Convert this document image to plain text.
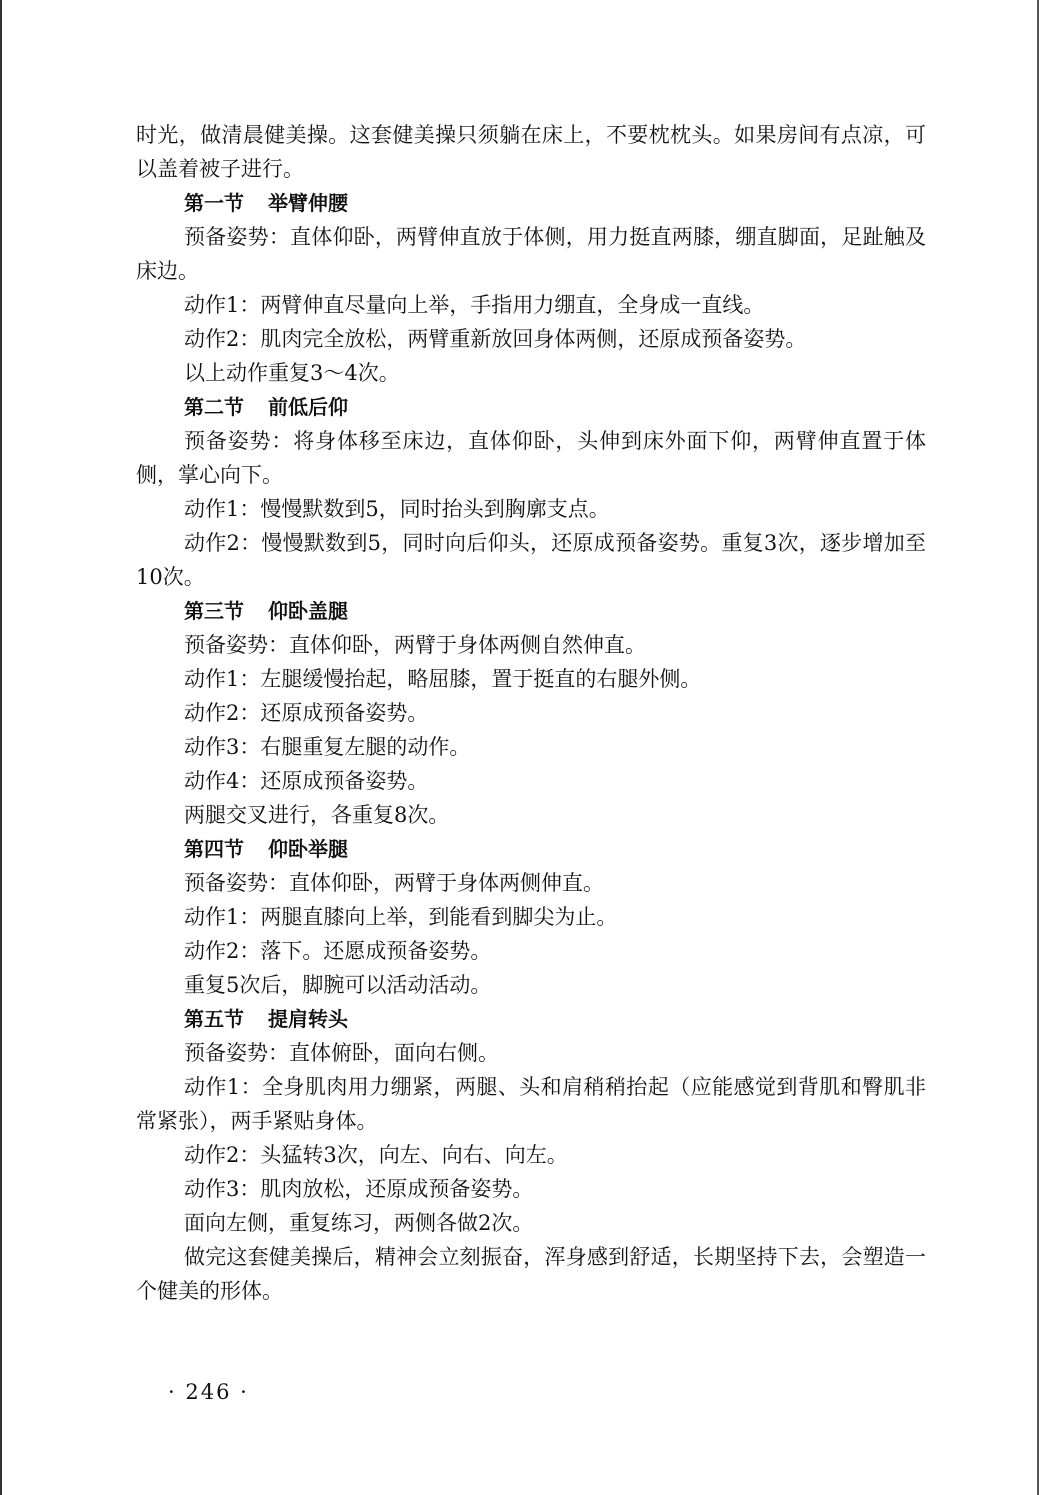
时光，做清晨健美操。这套健美操只须躺在床上，不要枕枕头。如果房间有点凉，可以盖着被子进行。

第一节 举臂伸腰

预备姿势：直体仰卧，两臂伸直放于体侧，用力挺直两膝，绷直脚面，足趾触及床边。

动作1：两臂伸直尽量向上举，手指用力绷直，全身成一直线。

动作2：肌肉完全放松，两臂重新放回身体两侧，还原成预备姿势。

以上动作重复3～4次。

第二节 前低后仰

预备姿势：将身体移至床边，直体仰卧，头伸到床外面下仰，两臂伸直置于体侧，掌心向下。

动作1：慢慢默数到5，同时抬头到胸廓支点。

动作2：慢慢默数到5，同时向后仰头，还原成预备姿势。重复3次，逐步增加至10次。

第三节 仰卧盖腿

预备姿势：直体仰卧，两臂于身体两侧自然伸直。

动作1：左腿缓慢抬起，略屈膝，置于挺直的右腿外侧。

动作2：还原成预备姿势。

动作3：右腿重复左腿的动作。

动作4：还原成预备姿势。

两腿交叉进行，各重复8次。

第四节 仰卧举腿

预备姿势：直体仰卧，两臂于身体两侧伸直。

动作1：两腿直膝向上举，到能看到脚尖为止。

动作2：落下。还愿成预备姿势。

重复5次后，脚腕可以活动活动。

第五节 提肩转头

预备姿势：直体俯卧，面向右侧。

动作1：全身肌肉用力绷紧，两腿、头和肩稍稍抬起（应能感觉到背肌和臀肌非常紧张），两手紧贴身体。

动作2：头猛转3次，向左、向右、向左。

动作3：肌肉放松，还原成预备姿势。

面向左侧，重复练习，两侧各做2次。

做完这套健美操后，精神会立刻振奋，浑身感到舒适，长期坚持下去，会塑造一个健美的形体。

· 246 ·
